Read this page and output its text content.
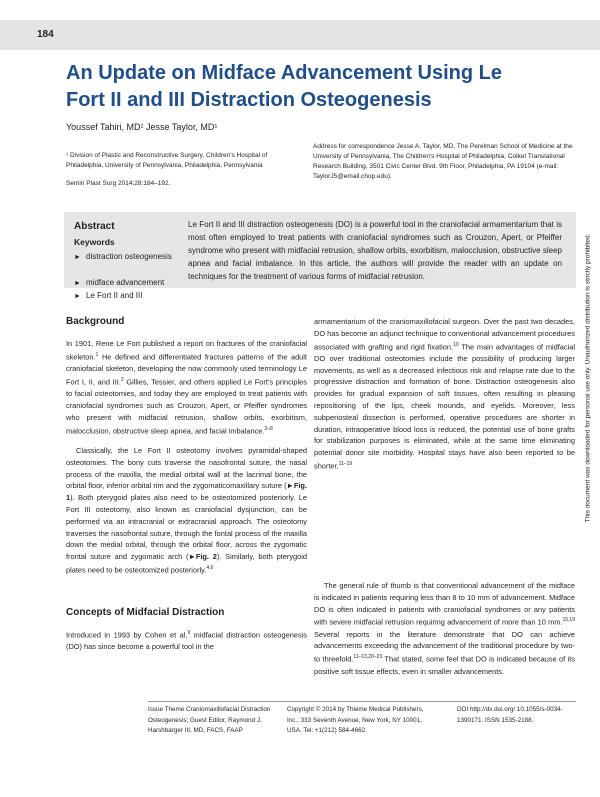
184
An Update on Midface Advancement Using Le Fort II and III Distraction Osteogenesis
Youssef Tahiri, MD¹ Jesse Taylor, MD¹
¹ Division of Plastic and Reconstructive Surgery, Children's Hospital of Philadelphia, University of Pennsylvania, Philadelphia, Pennsylvania
Semin Plast Surg 2014;28:184–192.
Address for correspondence Jesse A. Taylor, MD, The Perelman School of Medicine at the University of Pennsylvania, The Children's Hospital of Philadelphia, Colket Translational Research Building, 3501 Civic Center Blvd. 9th Floor, Philadelphia, PA 19104 (e-mail: TaylorJ5@email.chop.edu).
Abstract
Keywords
► distraction osteogenesis
► midface advancement
► Le Fort II and III
Le Fort II and III distraction osteogenesis (DO) is a powerful tool in the craniofacial armamentarium that is most often employed to treat patients with craniofacial syndromes such as Crouzon, Apert, or Pfeiffer syndrome who present with midfacial retrusion, shallow orbits, exorbitism, malocclusion, obstructive sleep apnea and facial imbalance. In this article, the authors will provide the reader with an update on techniques for the treatment of various forms of midfacial retrusion.	This document was downloaded for personal use only. Unauthorized distribution is strictly prohibited.
Background

In 1901, Rene Le Fort published a report on fractures of the craniofacial skeleton.$^1$ He defined and differentiated fractures patterns of the adult craniofacial skeleton, developing the now commonly used terminology Le Fort I, II, and III.$^2$ Gillies, Tessier, and others applied Le Fort's principles to facial osteotomies, and today they are employed to treat patients with craniofacial syndromes such as Crouzon, Apert, or Pfeiffer syndromes who present with midfacial retrusion, shallow orbits, exorbitism, malocclusion, obstructive sleep apnea, and facial imbalance.$^{2-8}$

Classically, the Le Fort II osteotomy involves pyramidal-shaped osteotomies. The bony cuts traverse the nasofrontal suture, the nasal process of the maxilla, the medial orbital wall at the lacrimal bone, the orbital floor, inferior orbital rim and the zygomaticomaxillary suture (►Fig. 1). Both pterygoid plates also need to be osteotomized posteriorly. Le Fort III osteotomy, also known as craniofacial dysjunction, can be performed via an intracranial or extracranial approach. The osteotomy traverses the nasofrontal suture, through the fontal process of the maxilla down the medial orbital, through the orbital floor, across the zygomatic frontal suture and zygomatic arch (►Fig. 2). Similarly, both pterygoid plates need to be osteotomized posteriorly.$^{4,6}$

Concepts of Midfacial Distraction

Introduced in 1993 by Cohen et al,$^9$ midfacial distraction osteogenesis (DO) has since become a powerful tool in the

armamentarium of the craniomaxillofacial surgeon. Over the past two decades, DO has become an adjunct technique to conventional advancement procedures associated with grafting and rigid fixation.$^{10}$ The main advantages of midfacial DO over traditional osteotomies include the possibility of producing larger movements, as well as a decreased infectious risk and relapse rate due to the progressive distraction and formation of bone. Distraction osteogenesis also provides for gradual expansion of soft tissues, often resulting in pleasing repositioning of the lips, cheek mounds, and eyelids. Moreover, less subperiosteal dissection is performed, operative procedures are shorter in duration, intraoperative blood loss is reduced, the potential use of bone grafts for stabilization purposes is eliminated, while at the same time eliminating potential donor site morbidity. Hospital stays have also been reported to be shorter.$^{11-19}$

The general rule of thumb is that conventional advancement of the midface is indicated in patients requiring less than 8 to 10 mm of advancement. Midface DO is often indicated in patients with craniofacial syndromes or any patients with severe midfacial retrusion requiring advancement of more than 10 mm.$^{15,19}$ Several reports in the literature demonstrate that DO can achieve advancements exceeding the advancement of the traditional procedure by two- to threefold.$^{11-13,20-23}$ That stated, some feel that DO is indicated because of its positive soft tissue effects, even in smaller advancements.

Issue Theme Craniomaxillofacial Distraction Osteogenesis; Guest Editor, Raymond J. Harshbarger III, MD, FACS, FAAP
Copyright © 2014 by Thieme Medical Publishers, Inc., 333 Seventh Avenue, New York, NY 10001, USA. Tel: +1(212) 584-4662.
DOI http://dx.doi.org/ 10.1055/s-0034-1390171. ISSN 1535-2188.
